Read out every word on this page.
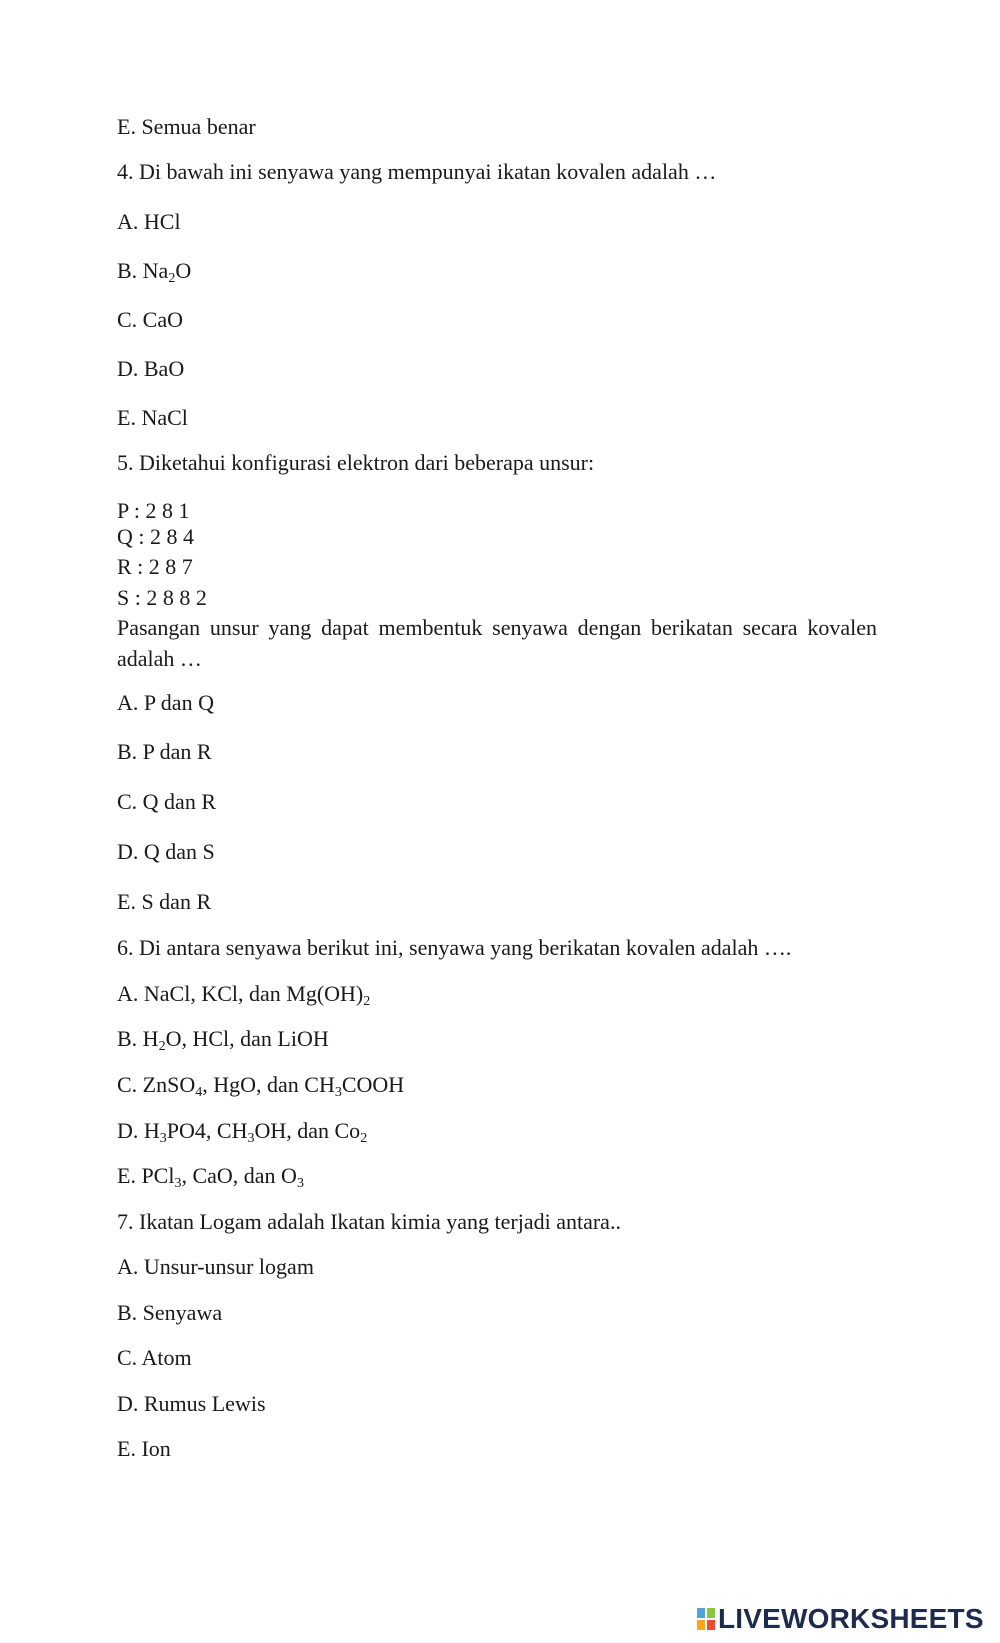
E. Semua benar

4. Di bawah ini senyawa yang mempunyai ikatan kovalen adalah …

A. HCl

B. $Na_2O$

C. CaO

D. BaO

E. NaCl

5. Diketahui konfigurasi elektron dari beberapa unsur:

P : 2 8 1

Q : 2 8 4

R : 2 8 7

S : 2 8 8 2

Pasangan unsur yang dapat membentuk senyawa dengan berikatan secara kovalen adalah …

A. P dan Q

B. P dan R

C. Q dan R

D. Q dan S

E. S dan R

6. Di antara senyawa berikut ini, senyawa yang berikatan kovalen adalah ….

A. NaCl, KCl, dan $Mg(OH)_2$

B. $H_2O$, HCl, dan LiOH

C. ZnSO$_4$, HgO, dan $CH_3COOH$

D. $H_3PO4$, $CH_3OH$, dan $Co_2$

E. PCl$_3$, CaO, dan $O_3$

7. Ikatan Logam adalah Ikatan kimia yang terjadi antara..

A. Unsur-unsur logam

B. Senyawa

C. Atom

D. Rumus Lewis

E. Ion

LIVEWORKSHEETS
